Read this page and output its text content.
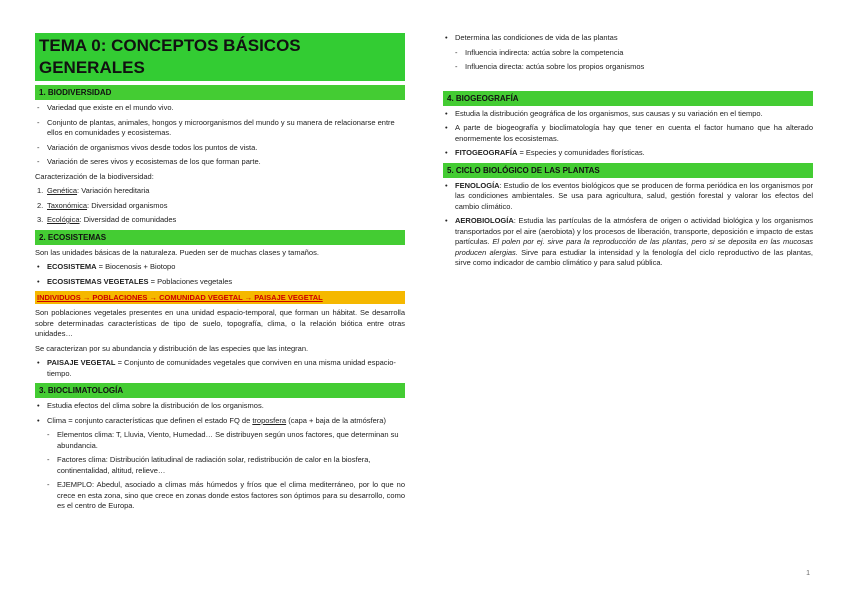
TEMA 0: CONCEPTOS BÁSICOS GENERALES
1. BIODIVERSIDAD
- Variedad que existe en el mundo vivo.
- Conjunto de plantas, animales, hongos y microorganismos del mundo y su manera de relacionarse entre ellos en comunidades y ecosistemas.
- Variación de organismos vivos desde todos los puntos de vista.
- Variación de seres vivos y ecosistemas de los que forman parte.

Caracterización de la biodiversidad:

1. Genética: Variación hereditaria
2. Taxonómica: Diversidad organismos
3. Ecológica: Diversidad de comunidades
2. ECOSISTEMAS

Son las unidades básicas de la naturaleza. Pueden ser de muchas clases y tamaños.

• ECOSISTEMA = Biocenosis + Biotopo
• ECOSISTEMAS VEGETALES = Poblaciones vegetales
INDIVIDUOS → POBLACIONES → COMUNIDAD VEGETAL → PAISAJE VEGETAL

Son poblaciones vegetales presentes en una unidad espacio-temporal, que forman un hábitat. Se desarrolla sobre determinadas características de tipo de suelo, topografía, clima, o la relación biótica entre otras unidades…

Se caracterizan por su abundancia y distribución de las especies que las integran.

• PAISAJE VEGETAL = Conjunto de comunidades vegetales que conviven en una misma unidad espacio-tiempo.
3. BIOCLIMATOLOGÍA
• Estudia efectos del clima sobre la distribución de los organismos.
• Clima = conjunto características que definen el estado FQ de troposfera (capa + baja de la atmósfera)
- Elementos clima: T, Lluvia, Viento, Humedad… Se distribuyen según unos factores, que determinan su abundancia.
- Factores clima: Distribución latitudinal de radiación solar, redistribución de calor en la biosfera, continentalidad, altitud, relieve…
- EJEMPLO: Abedul, asociado a climas más húmedos y fríos que el clima mediterráneo, por lo que no crece en esta zona, sino que crece en zonas donde estos factores son óptimos para su desarrollo, como es el centro de Europa.
• Determina las condiciones de vida de las plantas
- Influencia indirecta: actúa sobre la competencia
- Influencia directa: actúa sobre los propios organismos
4. BIOGEOGRAFÍA
• Estudia la distribución geográfica de los organismos, sus causas y su variación en el tiempo.
• A parte de biogeografía y bioclimatología hay que tener en cuenta el factor humano que ha alterado enormemente los ecosistemas.
• FITOGEOGRAFÍA = Especies y comunidades florísticas.
5. CICLO BIOLÓGICO DE LAS PLANTAS
• FENOLOGÍA: Estudio de los eventos biológicos que se producen de forma periódica en los organismos por las condiciones ambientales. Se usa para agricultura, salud, gestión forestal y valorar los efectos del cambio climático.
• AEROBIOLOGÍA: Estudia las partículas de la atmósfera de origen o actividad biológica y los organismos transportados por el aire (aerobiota) y los procesos de liberación, transporte, deposición e impacto de estas partículas. El polen por ej. sirve para la reproducción de las plantas, pero si se deposita en las mucosas producen alergias. Sirve para estudiar la intensidad y la fenología del ciclo reproductivo de las plantas, sirve como indicador de cambio climático y para salud pública.
1
